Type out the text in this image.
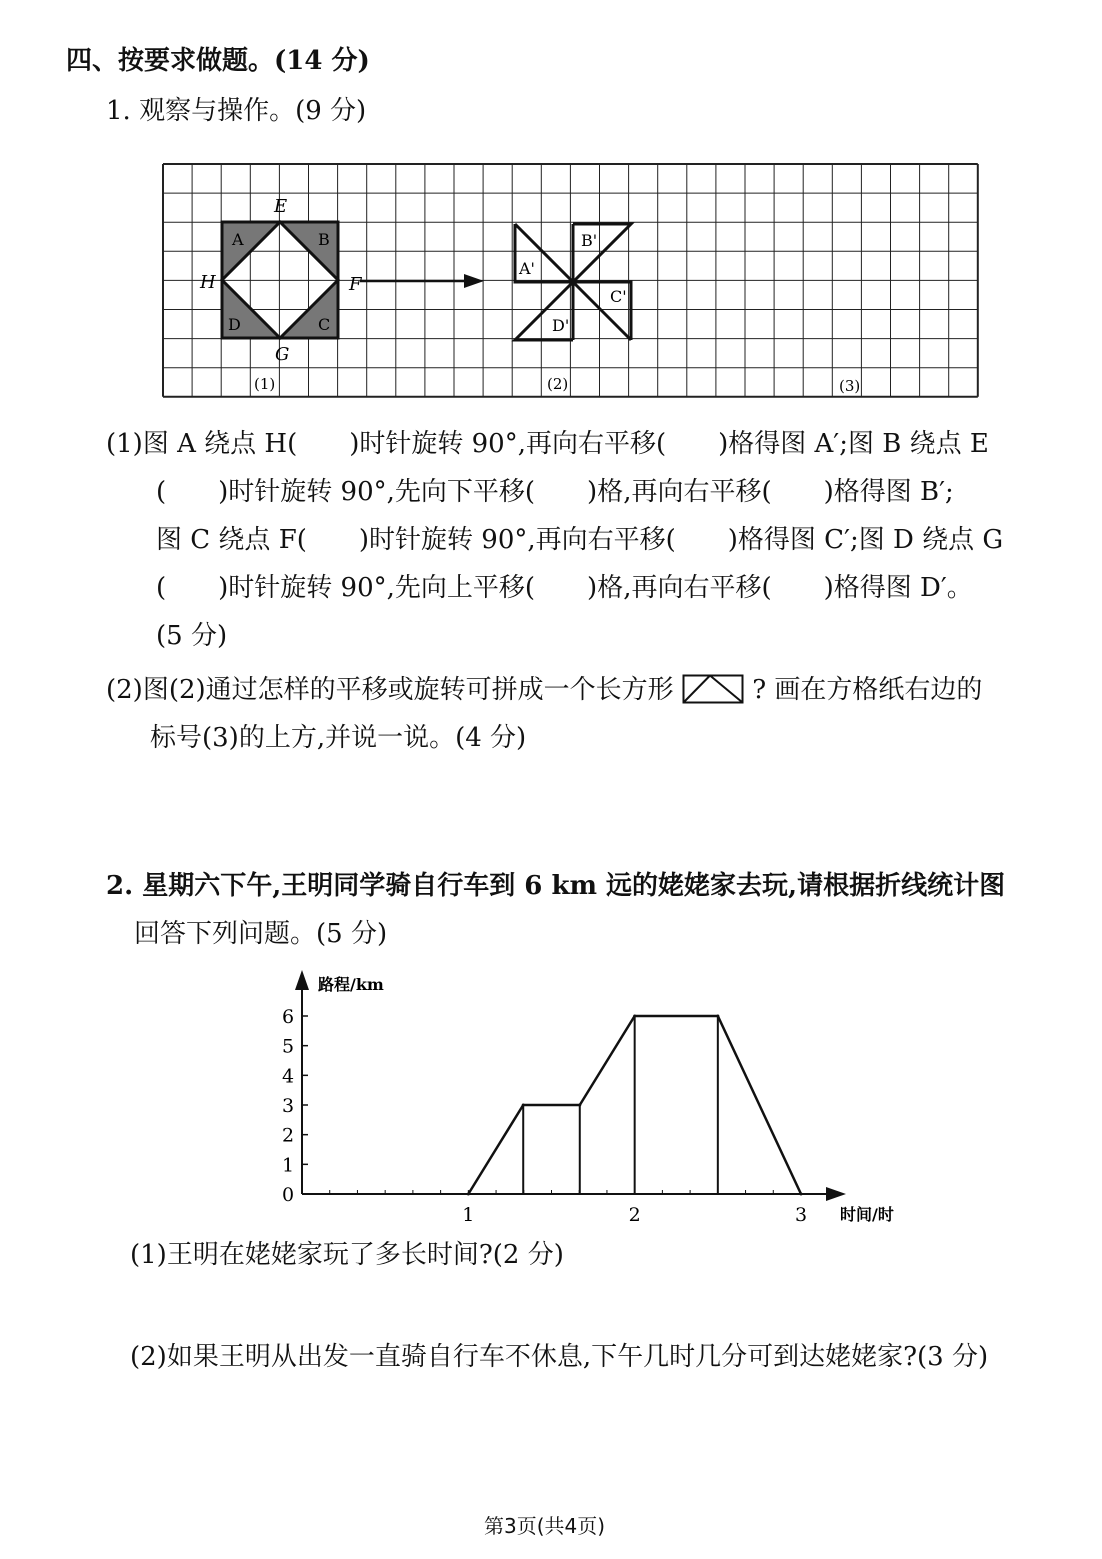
四、按要求做题。(14 分)
1. 观察与操作。(9 分)
A	B
C
D
E
H	F
G
A'
B'
C'
D'
(1)	(2)	(3)
(1)图 A 绕点 H(　　)时针旋转 90°,再向右平移(　　)格得图 A′;图 B 绕点 E
(　　)时针旋转 90°,先向下平移(　　)格,再向右平移(　　)格得图 B′;
图 C 绕点 F(　　)时针旋转 90°,再向右平移(　　)格得图 C′;图 D 绕点 G
(　　)时针旋转 90°,先向上平移(　　)格,再向右平移(　　)格得图 D′。
(5 分)
(2)图(2)通过怎样的平移或旋转可拼成一个长方形	? 画在方格纸右边的
标号(3)的上方,并说一说。(4 分)
2. 星期六下午,王明同学骑自行车到 6 km 远的姥姥家去玩,请根据折线统计图
回答下列问题。(5 分)
0
1
2
3
4
5
6
1	2	3
路程/km
时间/时
(1)王明在姥姥家玩了多长时间?(2 分)
(2)如果王明从出发一直骑自行车不休息,下午几时几分可到达姥姥家?(3 分)
第3页(共4页)
